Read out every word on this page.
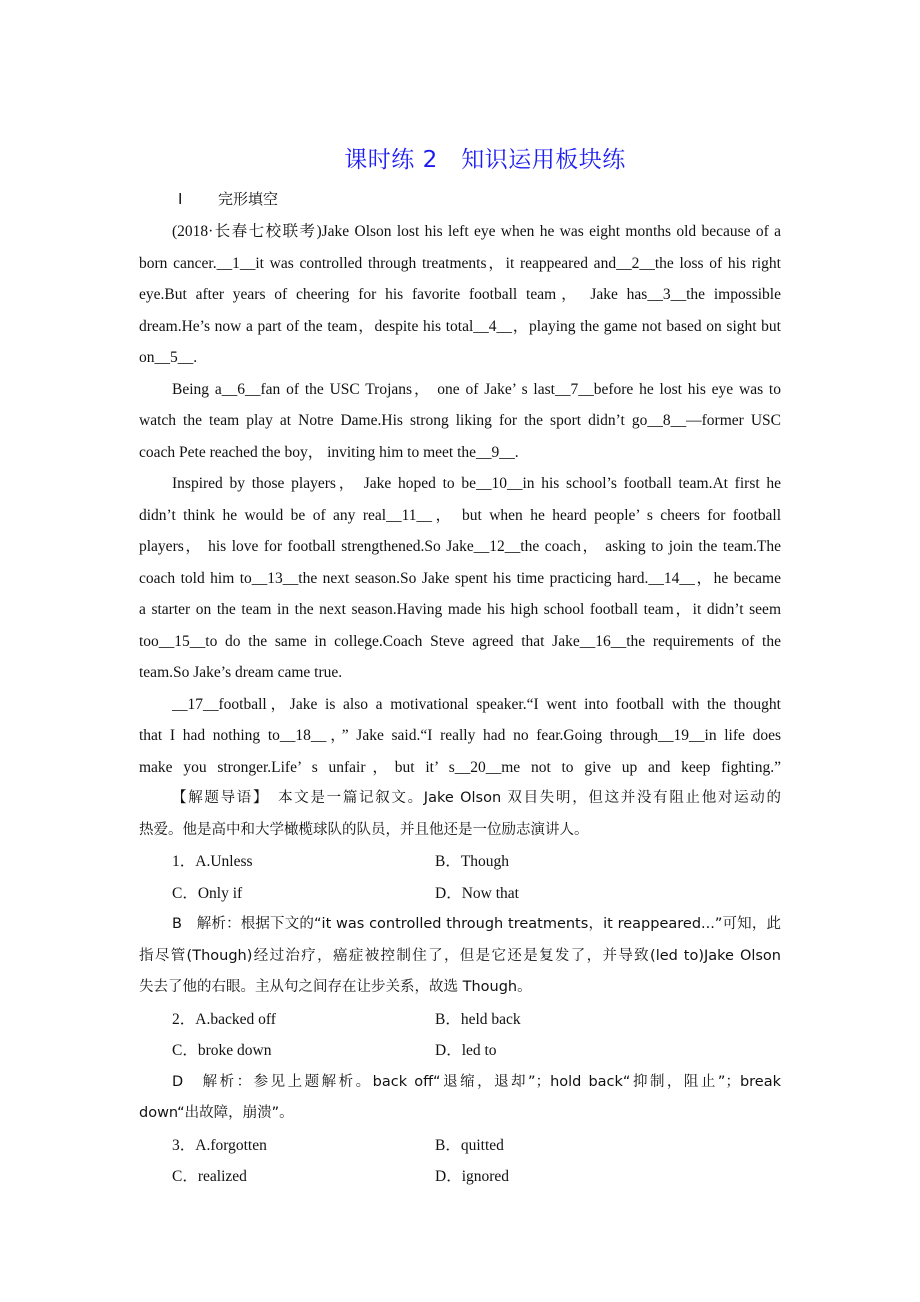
课时练 2　知识运用板块练
Ⅰ 完形填空
(2018·长春七校联考)Jake Olson lost his left eye when he was eight months old because of a
born cancer.__1__it was controlled through treatments，it reappeared and__2__the loss of his right
eye.But after years of cheering for his favorite football team， Jake has__3__the impossible
dream.He’s now a part of the team，despite his total__4__，playing the game not based on sight but
on__5__.
Being a__6__fan of the USC Trojans， one of Jake’ s last__7__before he lost his eye was to
watch the team play at Notre Dame.His strong liking for the sport didn’t go__8__—former USC
coach Pete reached the boy， inviting him to meet the__9__.
Inspired by those players， Jake hoped to be__10__in his school’s football team.At first he
didn’t think he would be of any real__11__， but when he heard people’ s cheers for football
players， his love for football strengthened.So Jake__12__the coach， asking to join the team.The
coach told him to__13__the next season.So Jake spent his time practicing hard.__14__，he became
a starter on the team in the next season.Having made his high school football team，it didn’t seem
too__15__to do the same in college.Coach Steve agreed that Jake__16__the requirements of the
team.So Jake’s dream came true.
__17__football，Jake is also a motivational speaker.“I went into football with the thought
that I had nothing to__18__，” Jake said.“I really had no fear.Going through__19__in life does
make you stronger.Life’ s unfair，but it’ s__20__me not to give up and keep fighting.”
【解题导语】　本文是一篇记叙文。Jake Olson 双目失明，但这并没有阻止他对运动的
热爱。他是高中和大学橄榄球队的队员，并且他还是一位励志演讲人。
1．A.Unless	B．Though
C．Only if	D．Now that
B　解析：根据下文的“it was controlled through treatments，it reappeared...”可知，此
指尽管(Though)经过治疗，癌症被控制住了，但是它还是复发了，并导致(led to)Jake Olson
失去了他的右眼。主从句之间存在让步关系，故选 Though。
2．A.backed off	B．held back
C．broke down	D．led to
D　解析：参见上题解析。back off“退缩，退却”；hold back“抑制，阻止”；break
down“出故障，崩溃”。
3．A.forgotten	B．quitted
C．realized	D．ignored
